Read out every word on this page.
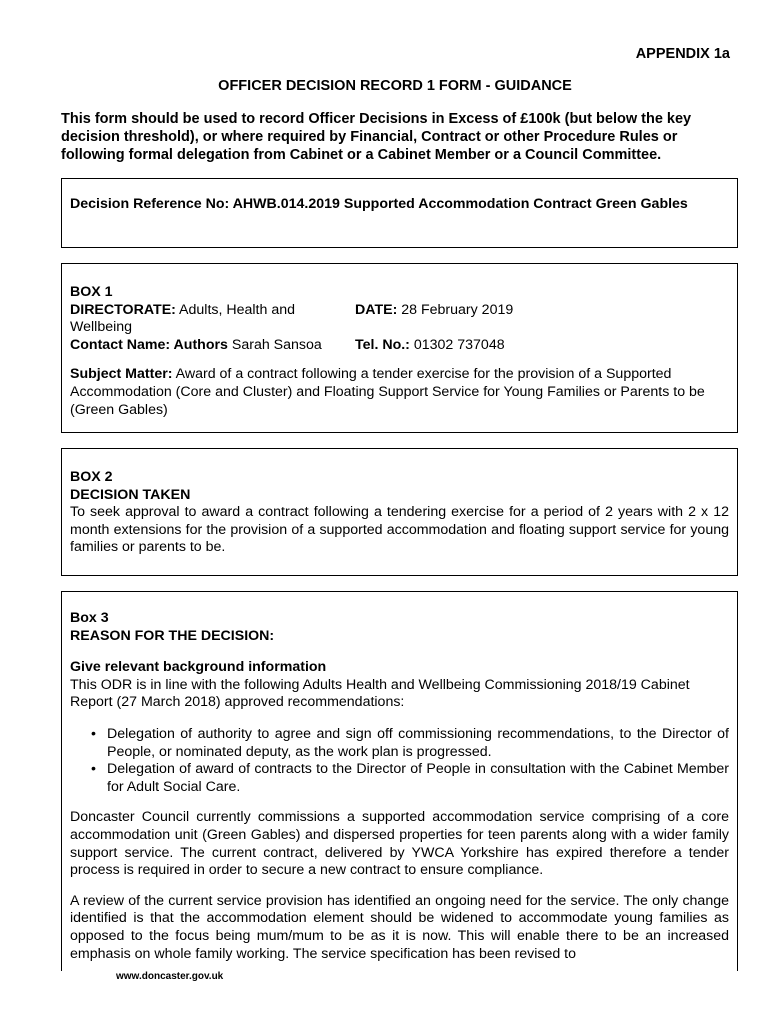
APPENDIX 1a
OFFICER DECISION RECORD 1 FORM - GUIDANCE
This form should be used to record Officer Decisions in Excess of £100k (but below the key decision threshold), or where required by Financial, Contract or other Procedure Rules or following formal delegation from Cabinet or a Cabinet Member or a Council Committee.
Decision Reference No: AHWB.014.2019 Supported Accommodation Contract Green Gables
BOX 1
DIRECTORATE: Adults, Health and Wellbeing
DATE: 28 February 2019
Contact Name: Authors Sarah Sansoa	Tel. No.: 01302 737048
Subject Matter: Award of a contract following a tender exercise for the provision of a Supported Accommodation (Core and Cluster) and Floating Support Service for Young Families or Parents to be (Green Gables)
BOX 2
DECISION TAKEN
To seek approval to award a contract following a tendering exercise for a period of 2 years with 2 x 12 month extensions for the provision of a supported accommodation and floating support service for young families or parents to be.
Box 3
REASON FOR THE DECISION:
Give relevant background information
This ODR is in line with the following Adults Health and Wellbeing Commissioning 2018/19 Cabinet Report (27 March 2018) approved recommendations:
• Delegation of authority to agree and sign off commissioning recommendations, to the Director of People, or nominated deputy, as the work plan is progressed.
• Delegation of award of contracts to the Director of People in consultation with the Cabinet Member for Adult Social Care.
Doncaster Council currently commissions a supported accommodation service comprising of a core accommodation unit (Green Gables) and dispersed properties for teen parents along with a wider family support service. The current contract, delivered by YWCA Yorkshire has expired therefore a tender process is required in order to secure a new contract to ensure compliance.
A review of the current service provision has identified an ongoing need for the service. The only change identified is that the accommodation element should be widened to accommodate young families as opposed to the focus being mum/mum to be as it is now. This will enable there to be an increased emphasis on whole family working. The service specification has been revised to
www.doncaster.gov.uk
